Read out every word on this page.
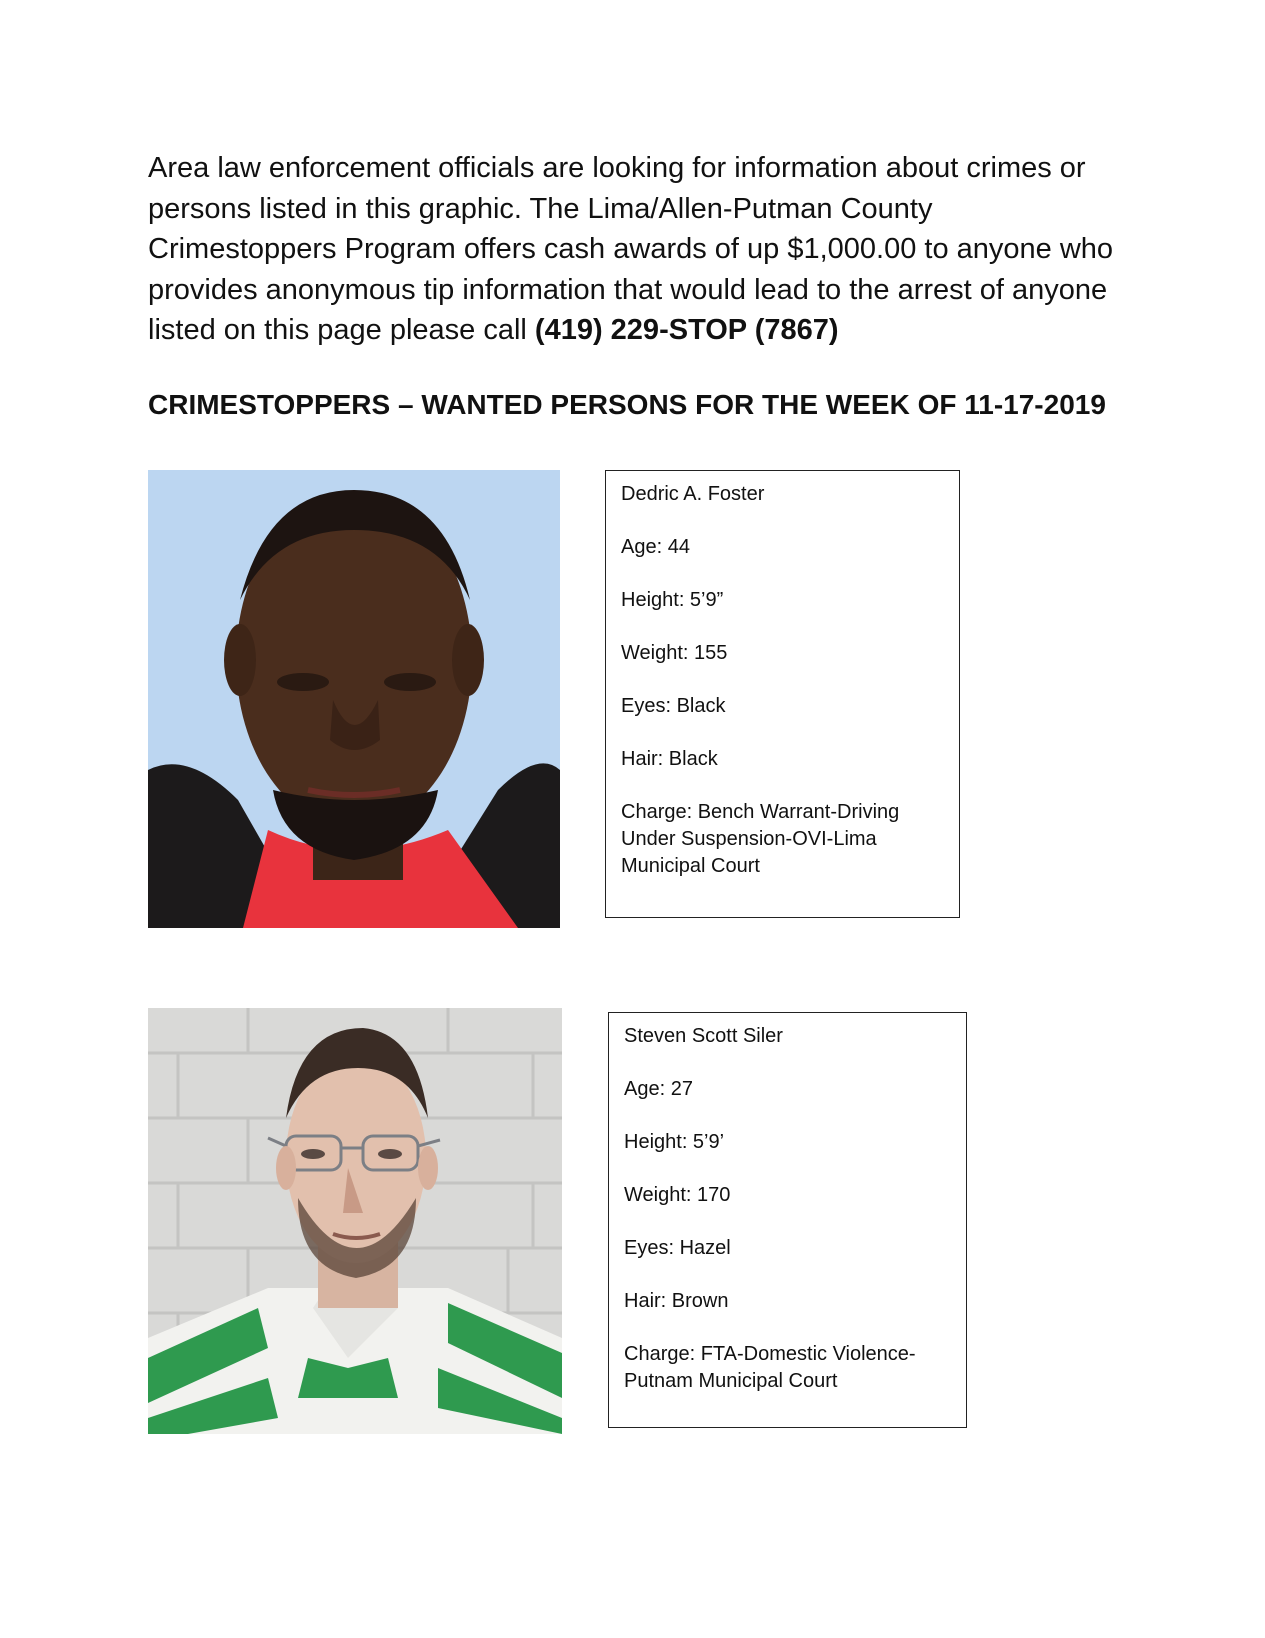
Area law enforcement officials are looking for information about crimes or persons listed in this graphic. The Lima/Allen-Putman County Crimestoppers Program offers cash awards of up $1,000.00 to anyone who provides anonymous tip information that would lead to the arrest of anyone listed on this page please call (419) 229-STOP (7867)

CRIMESTOPPERS – WANTED PERSONS FOR THE WEEK OF 11-17-2019

Dedric A. Foster

Age: 44

Height: 5’9”

Weight: 155

Eyes: Black

Hair: Black

Charge: Bench Warrant-Driving Under Suspension-OVI-Lima Municipal Court

Steven Scott Siler

Age: 27

Height: 5’9’

Weight: 170

Eyes: Hazel

Hair: Brown

Charge: FTA-Domestic Violence-Putnam Municipal Court
